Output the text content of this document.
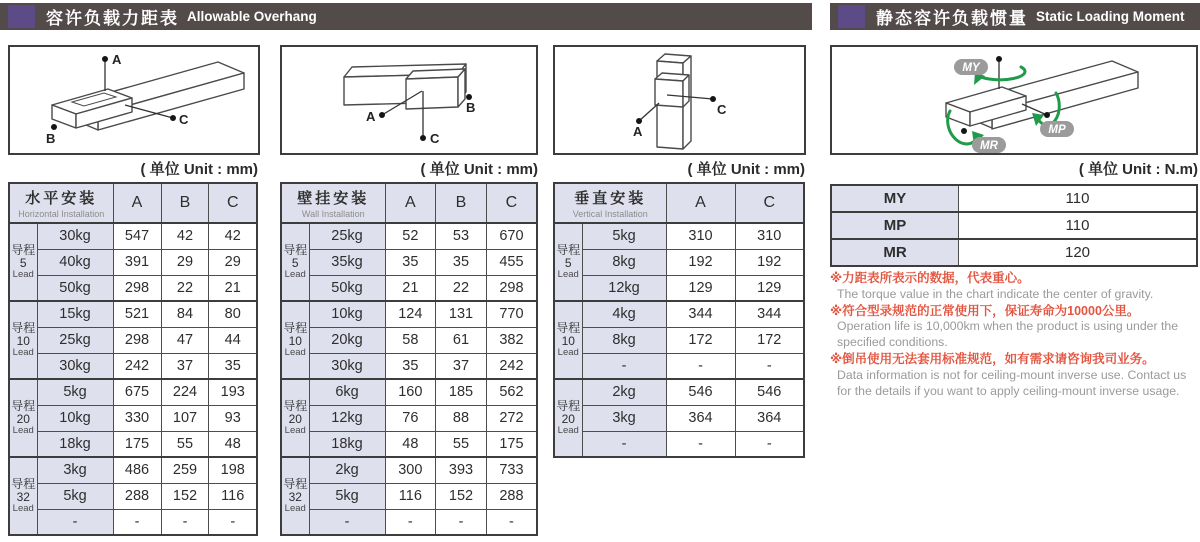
容许负载力距表 Allowable Overhang	静态容许负载惯量 Static Loading Moment
A
B
C	A
B
C	A
C
MY
MP
MR
( 单位 Unit : mm)	( 单位 Unit : mm)	( 单位 Unit : mm)	( 单位 Unit : N.m)
水平安装
Horizontal Installation		A	B	C

导程
5
Lead	30kg	547	42	42
	40kg	391	29	29
	50kg	298	22	21

导程
10
Lead	15kg	521	84	80
	25kg	298	47	44
	30kg	242	37	35

导程
20
Lead	5kg	675	224	193
	10kg	330	107	93
	18kg	175	55	48

导程
32
Lead	3kg	486	259	198
	5kg	288	152	116
	-	-	-	-
壁挂安装
Wall Installation		A	B	C

导程
5
Lead	25kg	52	53	670
	35kg	35	35	455
	50kg	21	22	298

导程
10
Lead	10kg	124	131	770
	20kg	58	61	382
	30kg	35	37	242

导程
20
Lead	6kg	160	185	562
	12kg	76	88	272
	18kg	48	55	175

导程
32
Lead	2kg	300	393	733
	5kg	116	152	288
	-	-	-	-
垂直安装
Vertical Installation		A	C

导程
5
Lead	5kg	310	310
	8kg	192	192
	12kg	129	129

导程
10
Lead	4kg	344	344
	8kg	172	172
	-	-	-

导程
20
Lead	2kg	546	546
	3kg	364	364
	-	-	-
MY	110
MP	110
MR	120
※力距表所表示的数据，代表重心。
The torque value in the chart indicate the center of gravity.
※符合型录规范的正常使用下，保证寿命为10000公里。
Operation life is 10,000km when the product is using under the specified conditions.
※倒吊使用无法套用标准规范，如有需求请咨询我司业务。
Data information is not for ceiling-mount inverse use. Contact us for the details if you want to apply ceiling-mount inverse usage.
